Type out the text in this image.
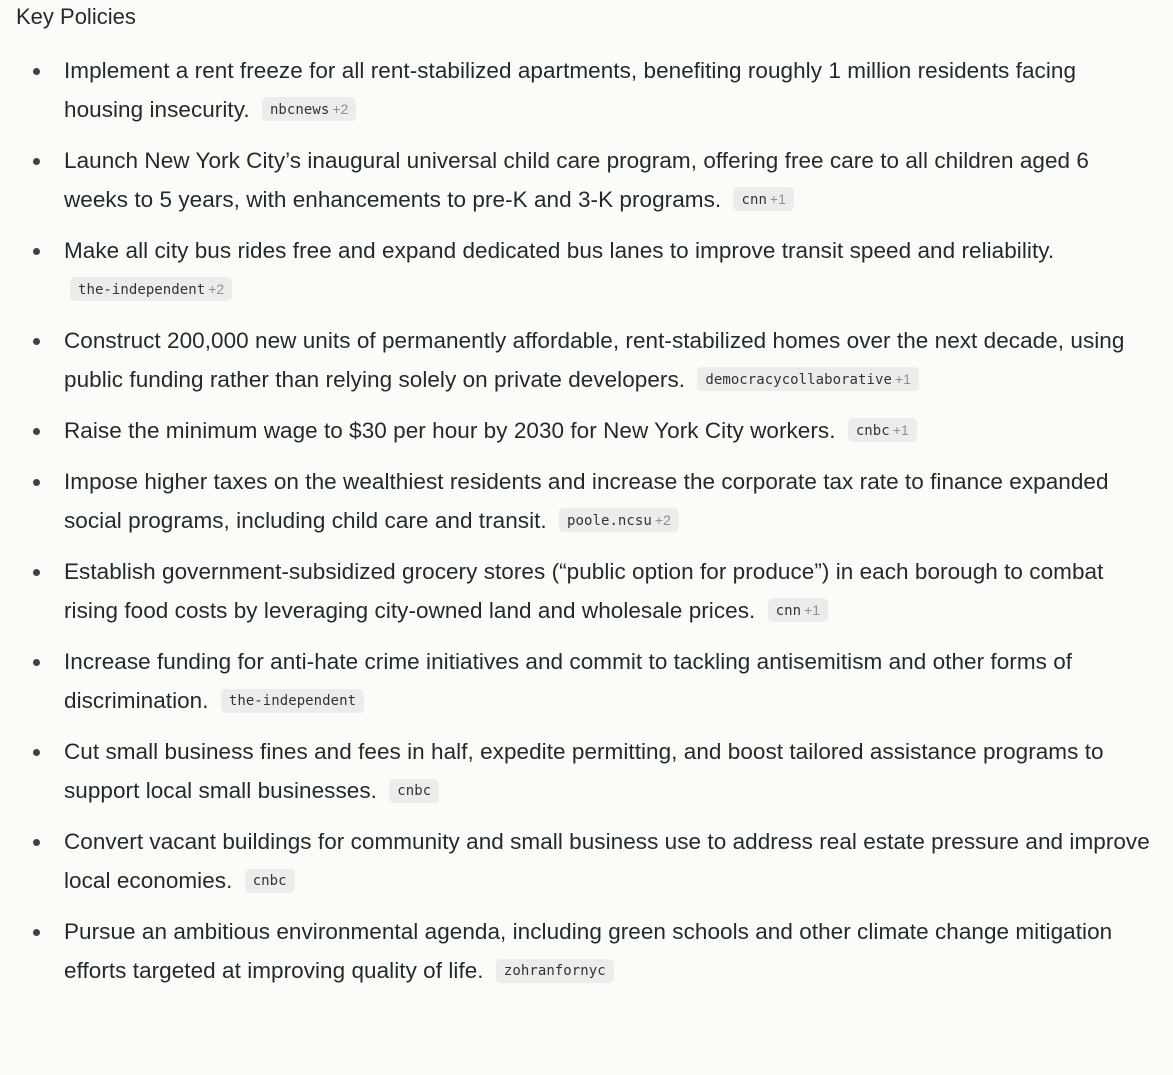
Key Policies
Implement a rent freeze for all rent-stabilized apartments, benefiting roughly 1 million residents facing housing insecurity. nbcnews +2
Launch New York City’s inaugural universal child care program, offering free care to all children aged 6 weeks to 5 years, with enhancements to pre-K and 3-K programs. cnn +1
Make all city bus rides free and expand dedicated bus lanes to improve transit speed and reliability. the-independent +2
Construct 200,000 new units of permanently affordable, rent-stabilized homes over the next decade, using public funding rather than relying solely on private developers. democracycollaborative +1
Raise the minimum wage to $30 per hour by 2030 for New York City workers. cnbc +1
Impose higher taxes on the wealthiest residents and increase the corporate tax rate to finance expanded social programs, including child care and transit. poole.ncsu +2
Establish government-subsidized grocery stores (“public option for produce”) in each borough to combat rising food costs by leveraging city-owned land and wholesale prices. cnn +1
Increase funding for anti-hate crime initiatives and commit to tackling antisemitism and other forms of discrimination. the-independent
Cut small business fines and fees in half, expedite permitting, and boost tailored assistance programs to support local small businesses. cnbc
Convert vacant buildings for community and small business use to address real estate pressure and improve local economies. cnbc
Pursue an ambitious environmental agenda, including green schools and other climate change mitigation efforts targeted at improving quality of life. zohranfornyc
